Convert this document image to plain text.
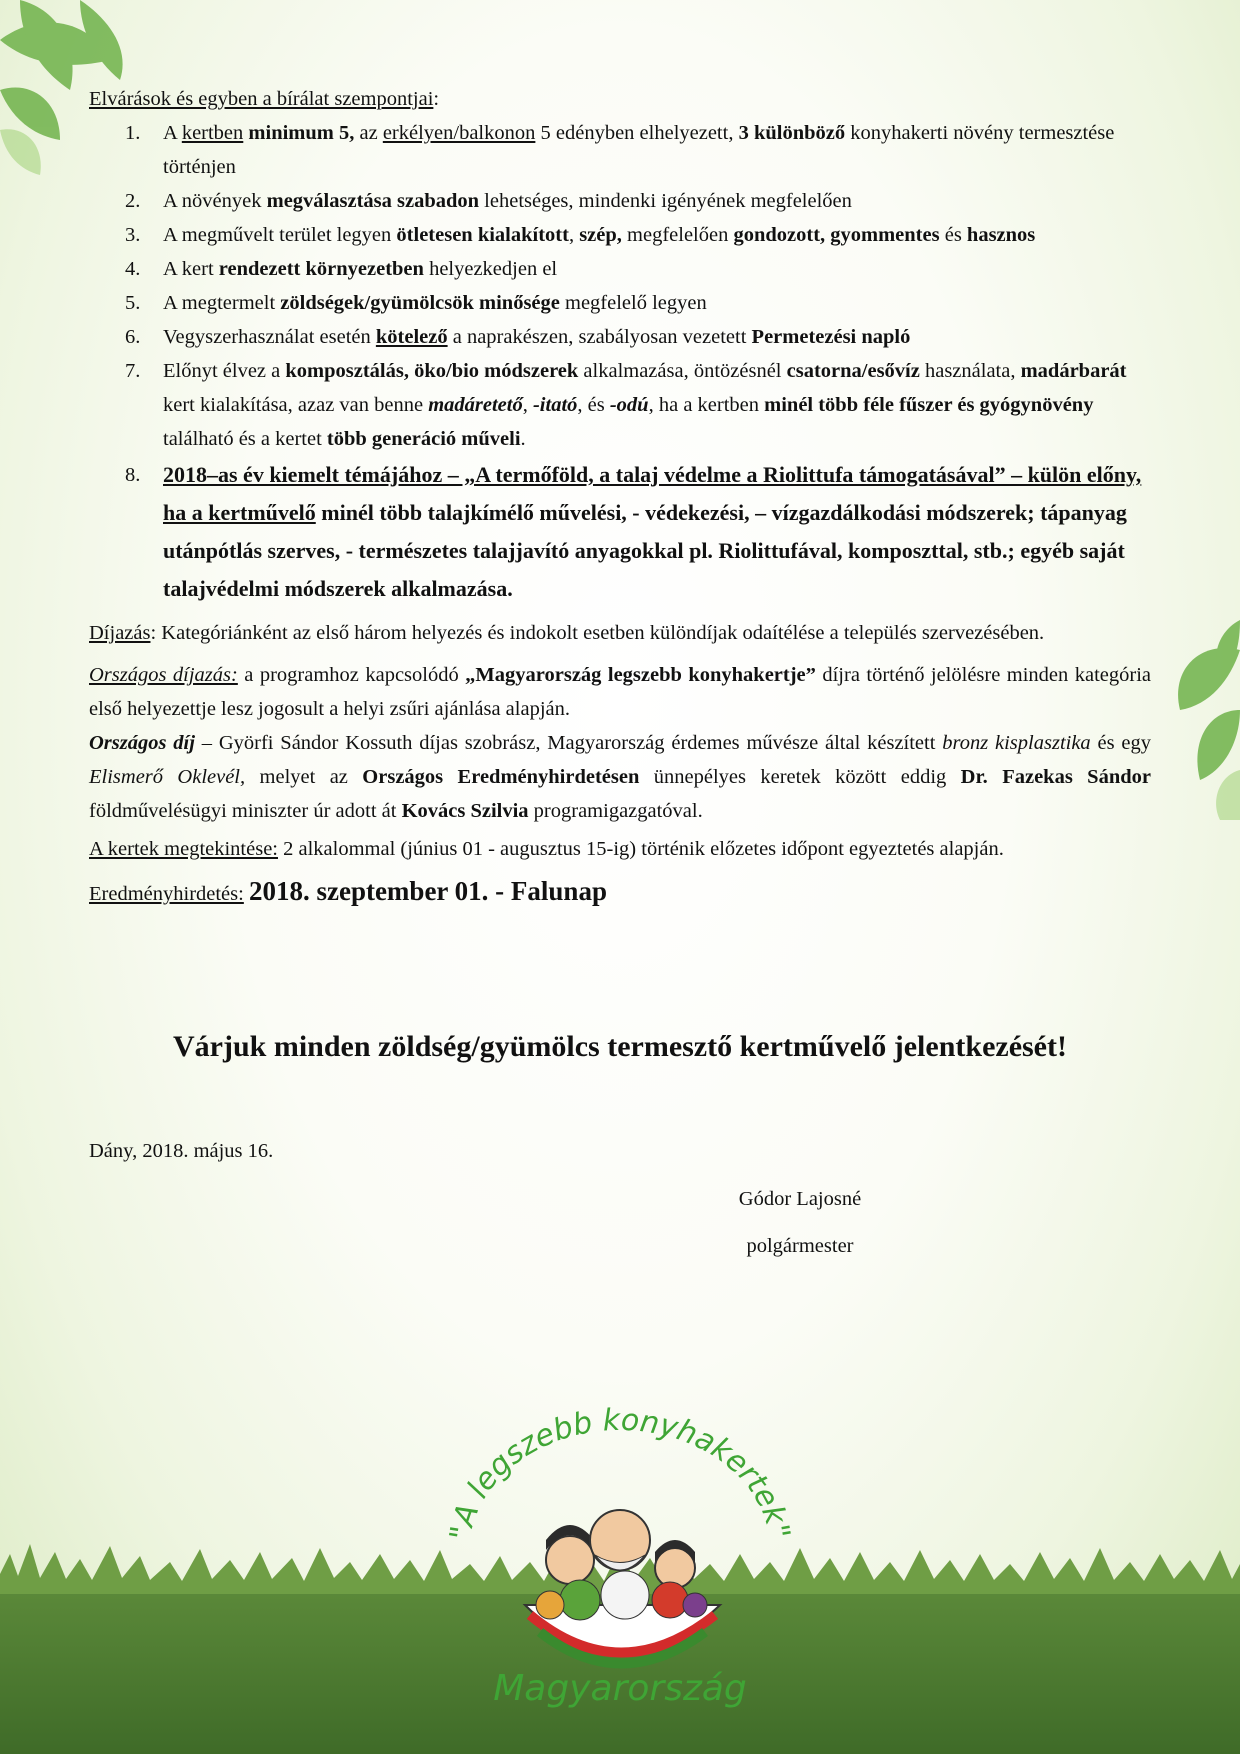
Elvárások és egyben a bírálat szempontjai:

1. A kertben minimum 5, az erkélyen/balkonon 5 edényben elhelyezett, 3 különböző konyhakerti növény termesztése történjen
2. A növények megválasztása szabadon lehetséges, mindenki igényének megfelelően
3. A megművelt terület legyen ötletesen kialakított, szép, megfelelően gondozott, gyommentes és hasznos
4. A kert rendezett környezetben helyezkedjen el
5. A megtermelt zöldségek/gyümölcsök minősége megfelelő legyen
6. Vegyszerhasználat esetén kötelező a naprakészen, szabályosan vezetett Permetezési napló
7. Előnyt élvez a komposztálás, öko/bio módszerek alkalmazása, öntözésnél csatorna/esővíz használata, madárbarát kert kialakítása, azaz van benne madáretető, -itató, és -odú, ha a kertben minél több féle fűszer és gyógynövény található és a kertet több generáció műveli.
8. 2018–as év kiemelt témájához – „A termőföld, a talaj védelme a Riolittufa támogatásával” – külön előny, ha a kertművelő minél több talajkímélő művelési, - védekezési, – vízgazdálkodási módszerek; tápanyag utánpótlás szerves, - természetes talajjavító anyagokkal pl. Riolittufával, komposzttal, stb.; egyéb saját talajvédelmi módszerek alkalmazása.

Díjazás: Kategóriánként az első három helyezés és indokolt esetben különdíjak odaítélése a település szervezésében.

Országos díjazás: a programhoz kapcsolódó „Magyarország legszebb konyhakertje” díjra történő jelölésre minden kategória első helyezettje lesz jogosult a helyi zsűri ajánlása alapján.

Országos díj – Györfi Sándor Kossuth díjas szobrász, Magyarország érdemes művésze által készített bronz kisplasztika és egy Elismerő Oklevél, melyet az Országos Eredményhirdetésen ünnepélyes keretek között eddig Dr. Fazekas Sándor földművelésügyi miniszter úr adott át Kovács Szilvia programigazgatóval.

A kertek megtekintése: 2 alkalommal (június 01 - augusztus 15-ig) történik előzetes időpont egyeztetés alapján.

Eredményhirdetés: 2018. szeptember 01. - Falunap

Várjuk minden zöldség/gyümölcs termesztő kertművelő jelentkezését!
Dány, 2018. május 16.
Gódor Lajosné
polgármester
"A legszebb konyhakertek"
Magyarország
